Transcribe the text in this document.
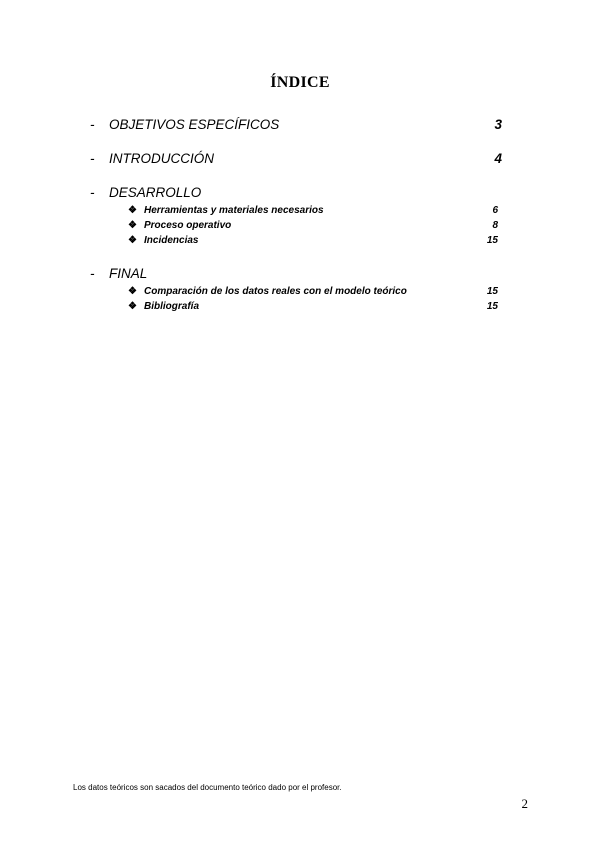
ÍNDICE
- OBJETIVOS ESPECÍFICOS	3
- INTRODUCCIÓN	4
- DESARROLLO
❖ Herramientas y materiales necesarios	6
❖ Proceso operativo	8
❖ Incidencias	15
- FINAL
❖ Comparación de los datos reales con el modelo teórico	15
❖ Bibliografía	15
Los datos teóricos son sacados del documento teórico dado por el profesor.
2
